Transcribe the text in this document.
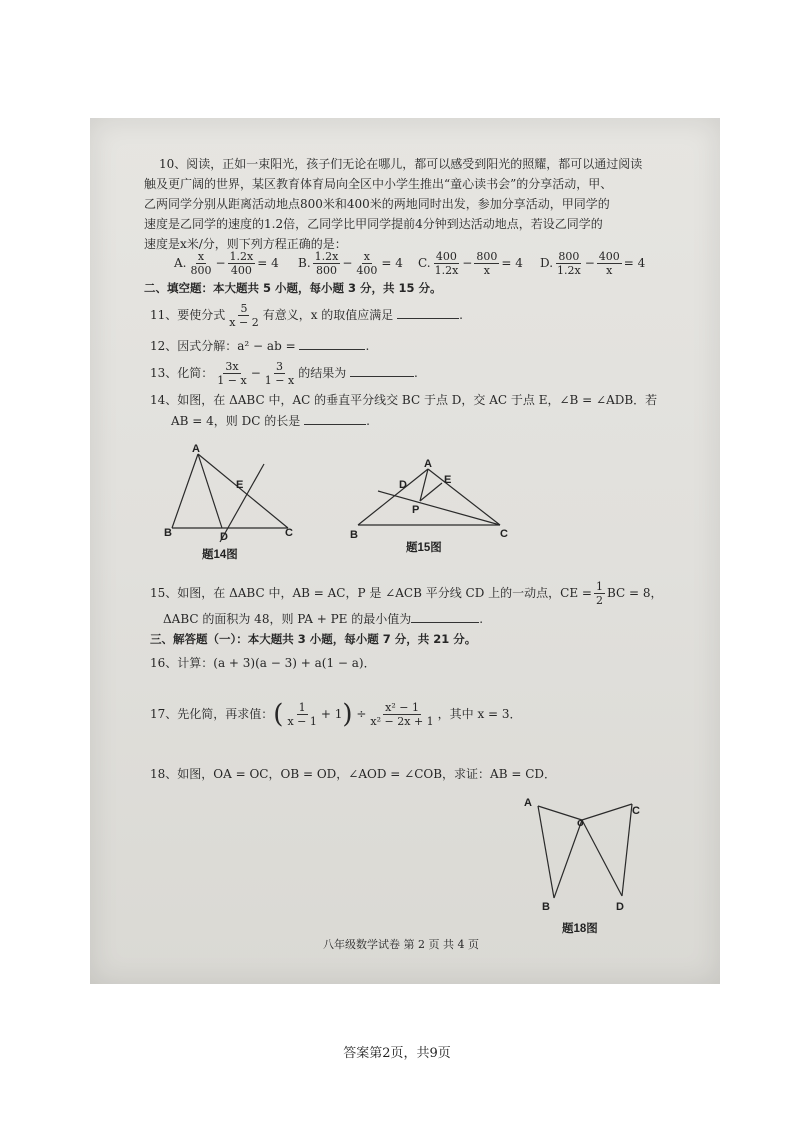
10、阅读，正如一束阳光，孩子们无论在哪儿，都可以感受到阳光的照耀，都可以通过阅读
触及更广阔的世界，某区教育体育局向全区中小学生推出“童心读书会”的分享活动，甲、
乙两同学分别从距离活动地点800米和400米的两地同时出发，参加分享活动，甲同学的
速度是乙同学的速度的1.2倍，乙同学比甲同学提前4分钟到达活动地点，若设乙同学的
速度是x米/分，则下列方程正确的是：
A. $\frac{x}{800} - \frac{1.2x}{400} = 4$ B. $\frac{1.2x}{800} - \frac{x}{400} = 4$ C. $\frac{400}{1.2x} - \frac{800}{x} = 4$ D. $\frac{800}{1.2x} - \frac{400}{x} = 4$
二、填空题：本大题共 5 小题，每小题 3 分，共 15 分。
11、要使分式 $\frac{5}{x - 2}$ 有意义，x 的取值应满足	.
12、因式分解：a² − ab =	.
13、化简： $\frac{3x}{1 - x} - \frac{3}{1 - x}$ 的结果为	.
14、如图，在 ΔABC 中，AC 的垂直平分线交 BC 于点 D，交 AC 于点 E，∠B = ∠ADB．若
AB = 4，则 DC 的长是	.
A
B	C
D
E
题14图
A
B	C
D	E
P
题15图
15、如图，在 ΔABC 中，AB = AC，P 是 ∠ACB 平分线 CD 上的一动点，CE = $\frac{1}{2}$ BC = 8，
ΔABC 的面积为 48，则 PA + PE 的最小值为	.
三、解答题（一）：本大题共 3 小题，每小题 7 分，共 21 分。
16、计算：(a + 3)(a − 3) + a(1 − a)．
17、先化简，再求值：( $\frac{1}{x - 1} + 1) \div \frac{\text{x² − 1}}{\text{x² − 2x + 1}}$ ，其中 x = 3．
18、如图，OA = OC，OB = OD，∠AOD = ∠COB，求证：AB = CD．
A
C
o
B	D
题18图
八年级数学试卷 第 2 页 共 4 页
答案第2页，共9页
